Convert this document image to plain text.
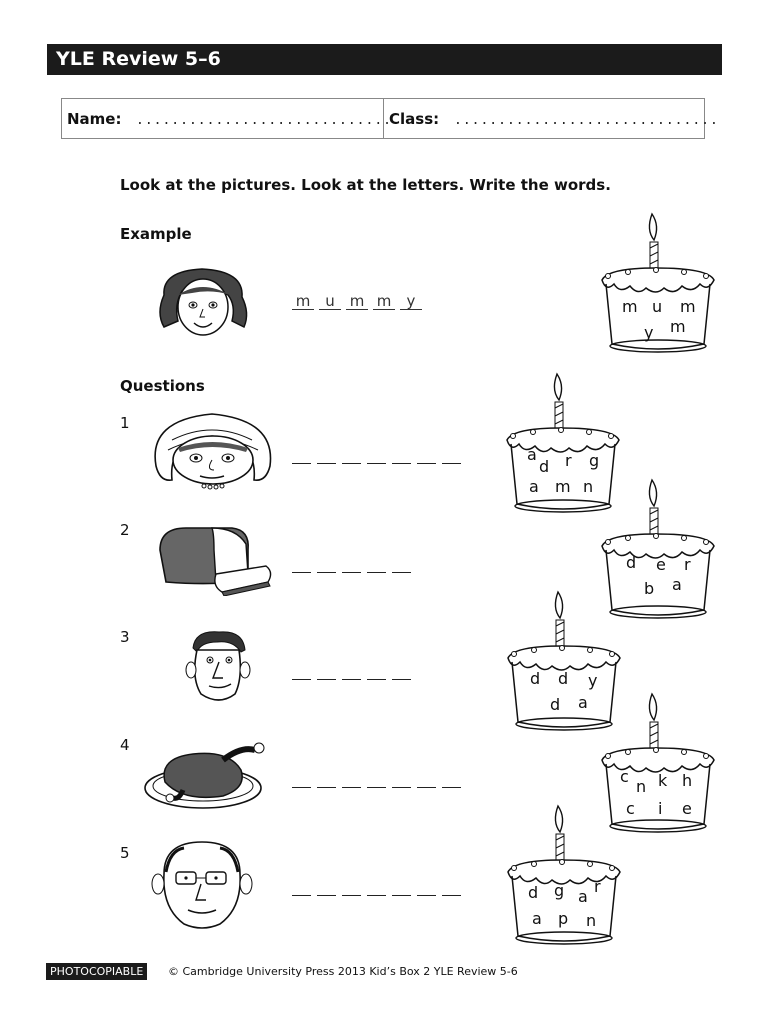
YLE Review 5–6
Name: ..............................
Class: ..............................
Look at the pictures. Look at the letters. Write the words.
Example
m u m m	y
Questions
1
2
3
4
5
m u m
y m
a
d r g
a m n
d e r
b a
d d y
d a
c
n k h
c i e
d g a
r
a p n
PHOTOCOPIABLE	© Cambridge University Press 2013 Kid’s Box 2 YLE Review 5-6
